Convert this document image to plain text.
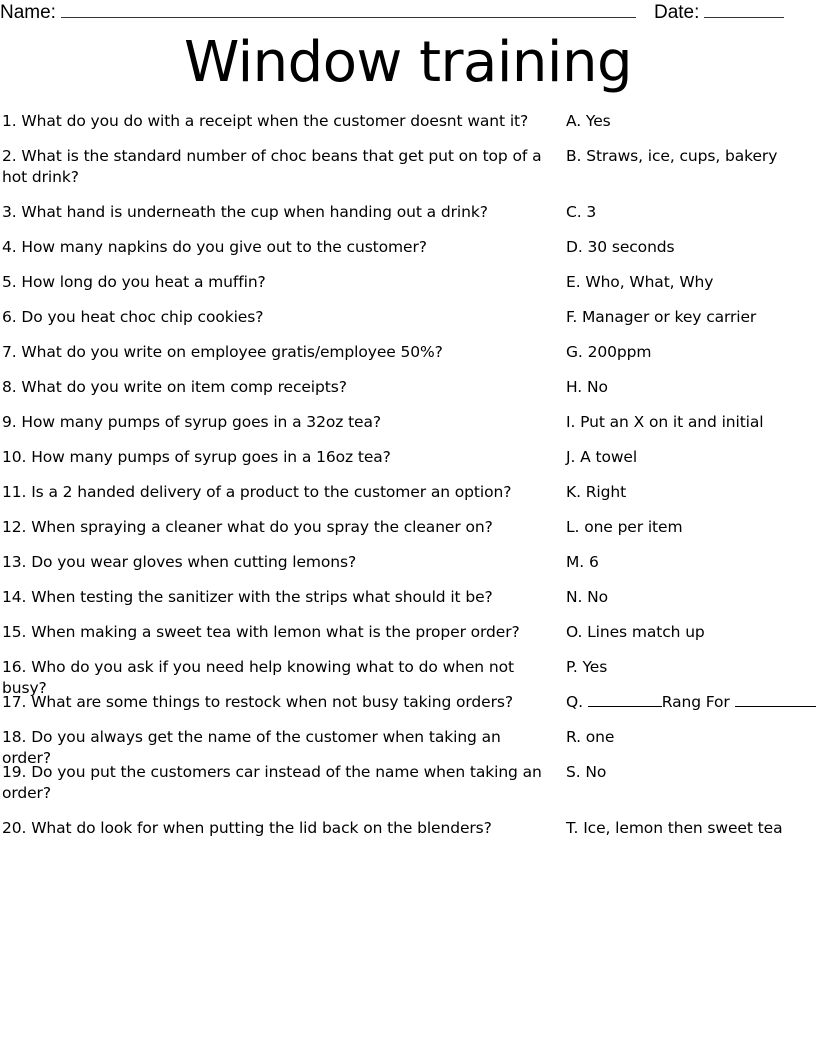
Name:	Date:
Window training
1. What do you do with a receipt when the customer doesnt want it?	A. Yes
2. What is the standard number of choc beans that get put on top of a hot drink?
B. Straws, ice, cups, bakery
3. What hand is underneath the cup when handing out a drink?	C. 3
4. How many napkins do you give out to the customer?	D. 30 seconds
5. How long do you heat a muffin?	E. Who, What, Why
6. Do you heat choc chip cookies?	F. Manager or key carrier
7. What do you write on employee gratis/employee 50%?	G. 200ppm
8. What do you write on item comp receipts?	H. No
9. How many pumps of syrup goes in a 32oz tea?	I. Put an X on it and initial
10. How many pumps of syrup goes in a 16oz tea?	J. A towel
11. Is a 2 handed delivery of a product to the customer an option?	K. Right
12. When spraying a cleaner what do you spray the cleaner on?	L. one per item
13. Do you wear gloves when cutting lemons?	M. 6
14. When testing the sanitizer with the strips what should it be?	N. No
15. When making a sweet tea with lemon what is the proper order?	O. Lines match up
16. Who do you ask if you need help knowing what to do when not busy?
P. Yes
17. What are some things to restock when not busy taking orders?	Q.	Rang For
18. Do you always get the name of the customer when taking an order?
R. one
19. Do you put the customers car instead of the name when taking an order?
S. No
20. What do look for when putting the lid back on the blenders?	T. Ice, lemon then sweet tea
